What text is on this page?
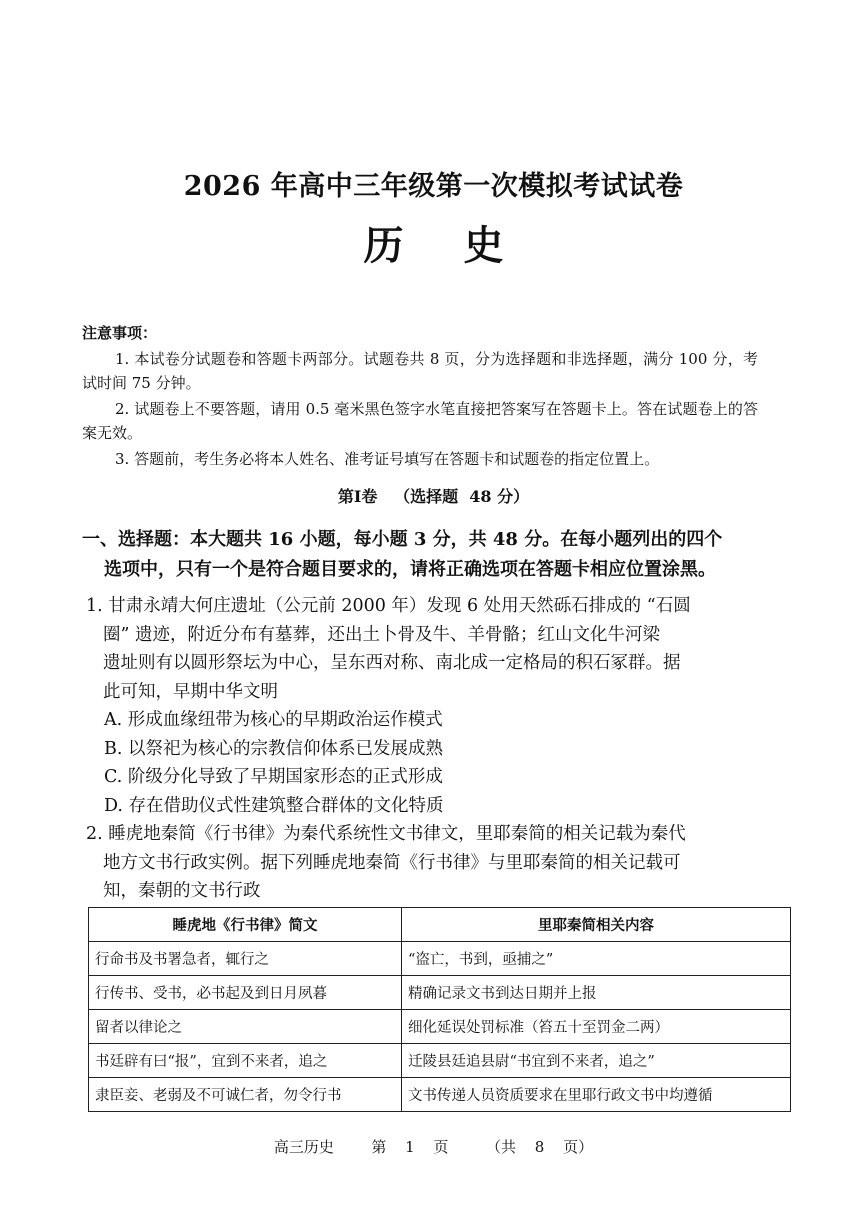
2026 年高中三年级第一次模拟考试试卷
历史
注意事项：
1. 本试卷分试题卷和答题卡两部分。试题卷共 8 页，分为选择题和非选择题，满分 100 分，考试时间 75 分钟。
2. 试题卷上不要答题，请用 0.5 毫米黑色签字水笔直接把答案写在答题卡上。答在试题卷上的答案无效。
3. 答题前，考生务必将本人姓名、准考证号填写在答题卡和试题卷的指定位置上。
第Ⅰ卷   （选择题  48 分）
一、选择题：本大题共 16 小题，每小题 3 分，共 48 分。在每小题列出的四个
选项中，只有一个是符合题目要求的，请将正确选项在答题卡相应位置涂黑。
1. 甘肃永靖大何庄遗址（公元前 2000 年）发现 6 处用天然砾石排成的 “石圆
圈” 遗迹，附近分布有墓葬，还出土卜骨及牛、羊骨骼；红山文化牛河梁
遗址则有以圆形祭坛为中心，呈东西对称、南北成一定格局的积石冢群。据
此可知，早期中华文明
A. 形成血缘纽带为核心的早期政治运作模式
B. 以祭祀为核心的宗教信仰体系已发展成熟
C. 阶级分化导致了早期国家形态的正式形成
D. 存在借助仪式性建筑整合群体的文化特质
2. 睡虎地秦简《行书律》为秦代系统性文书律文，里耶秦简的相关记载为秦代
地方文书行政实例。据下列睡虎地秦简《行书律》与里耶秦简的相关记载可
知，秦朝的文书行政
睡虎地《行书律》简文	里耶秦简相关内容
行命书及书署急者，辄行之	“盗亡，书到，亟捕之”
行传书、受书，必书起及到日月夙暮	精确记录文书到达日期并上报
留者以律论之	细化延误处罚标准（笞五十至罚金二两）
书廷辟有曰“报”，宜到不来者，追之	迁陵县廷追县尉“书宜到不来者，追之”
隶臣妾、老弱及不可诚仁者，勿令行书	文书传递人员资质要求在里耶行政文书中均遵循
高三历史  第 1 页  （共 8 页）
